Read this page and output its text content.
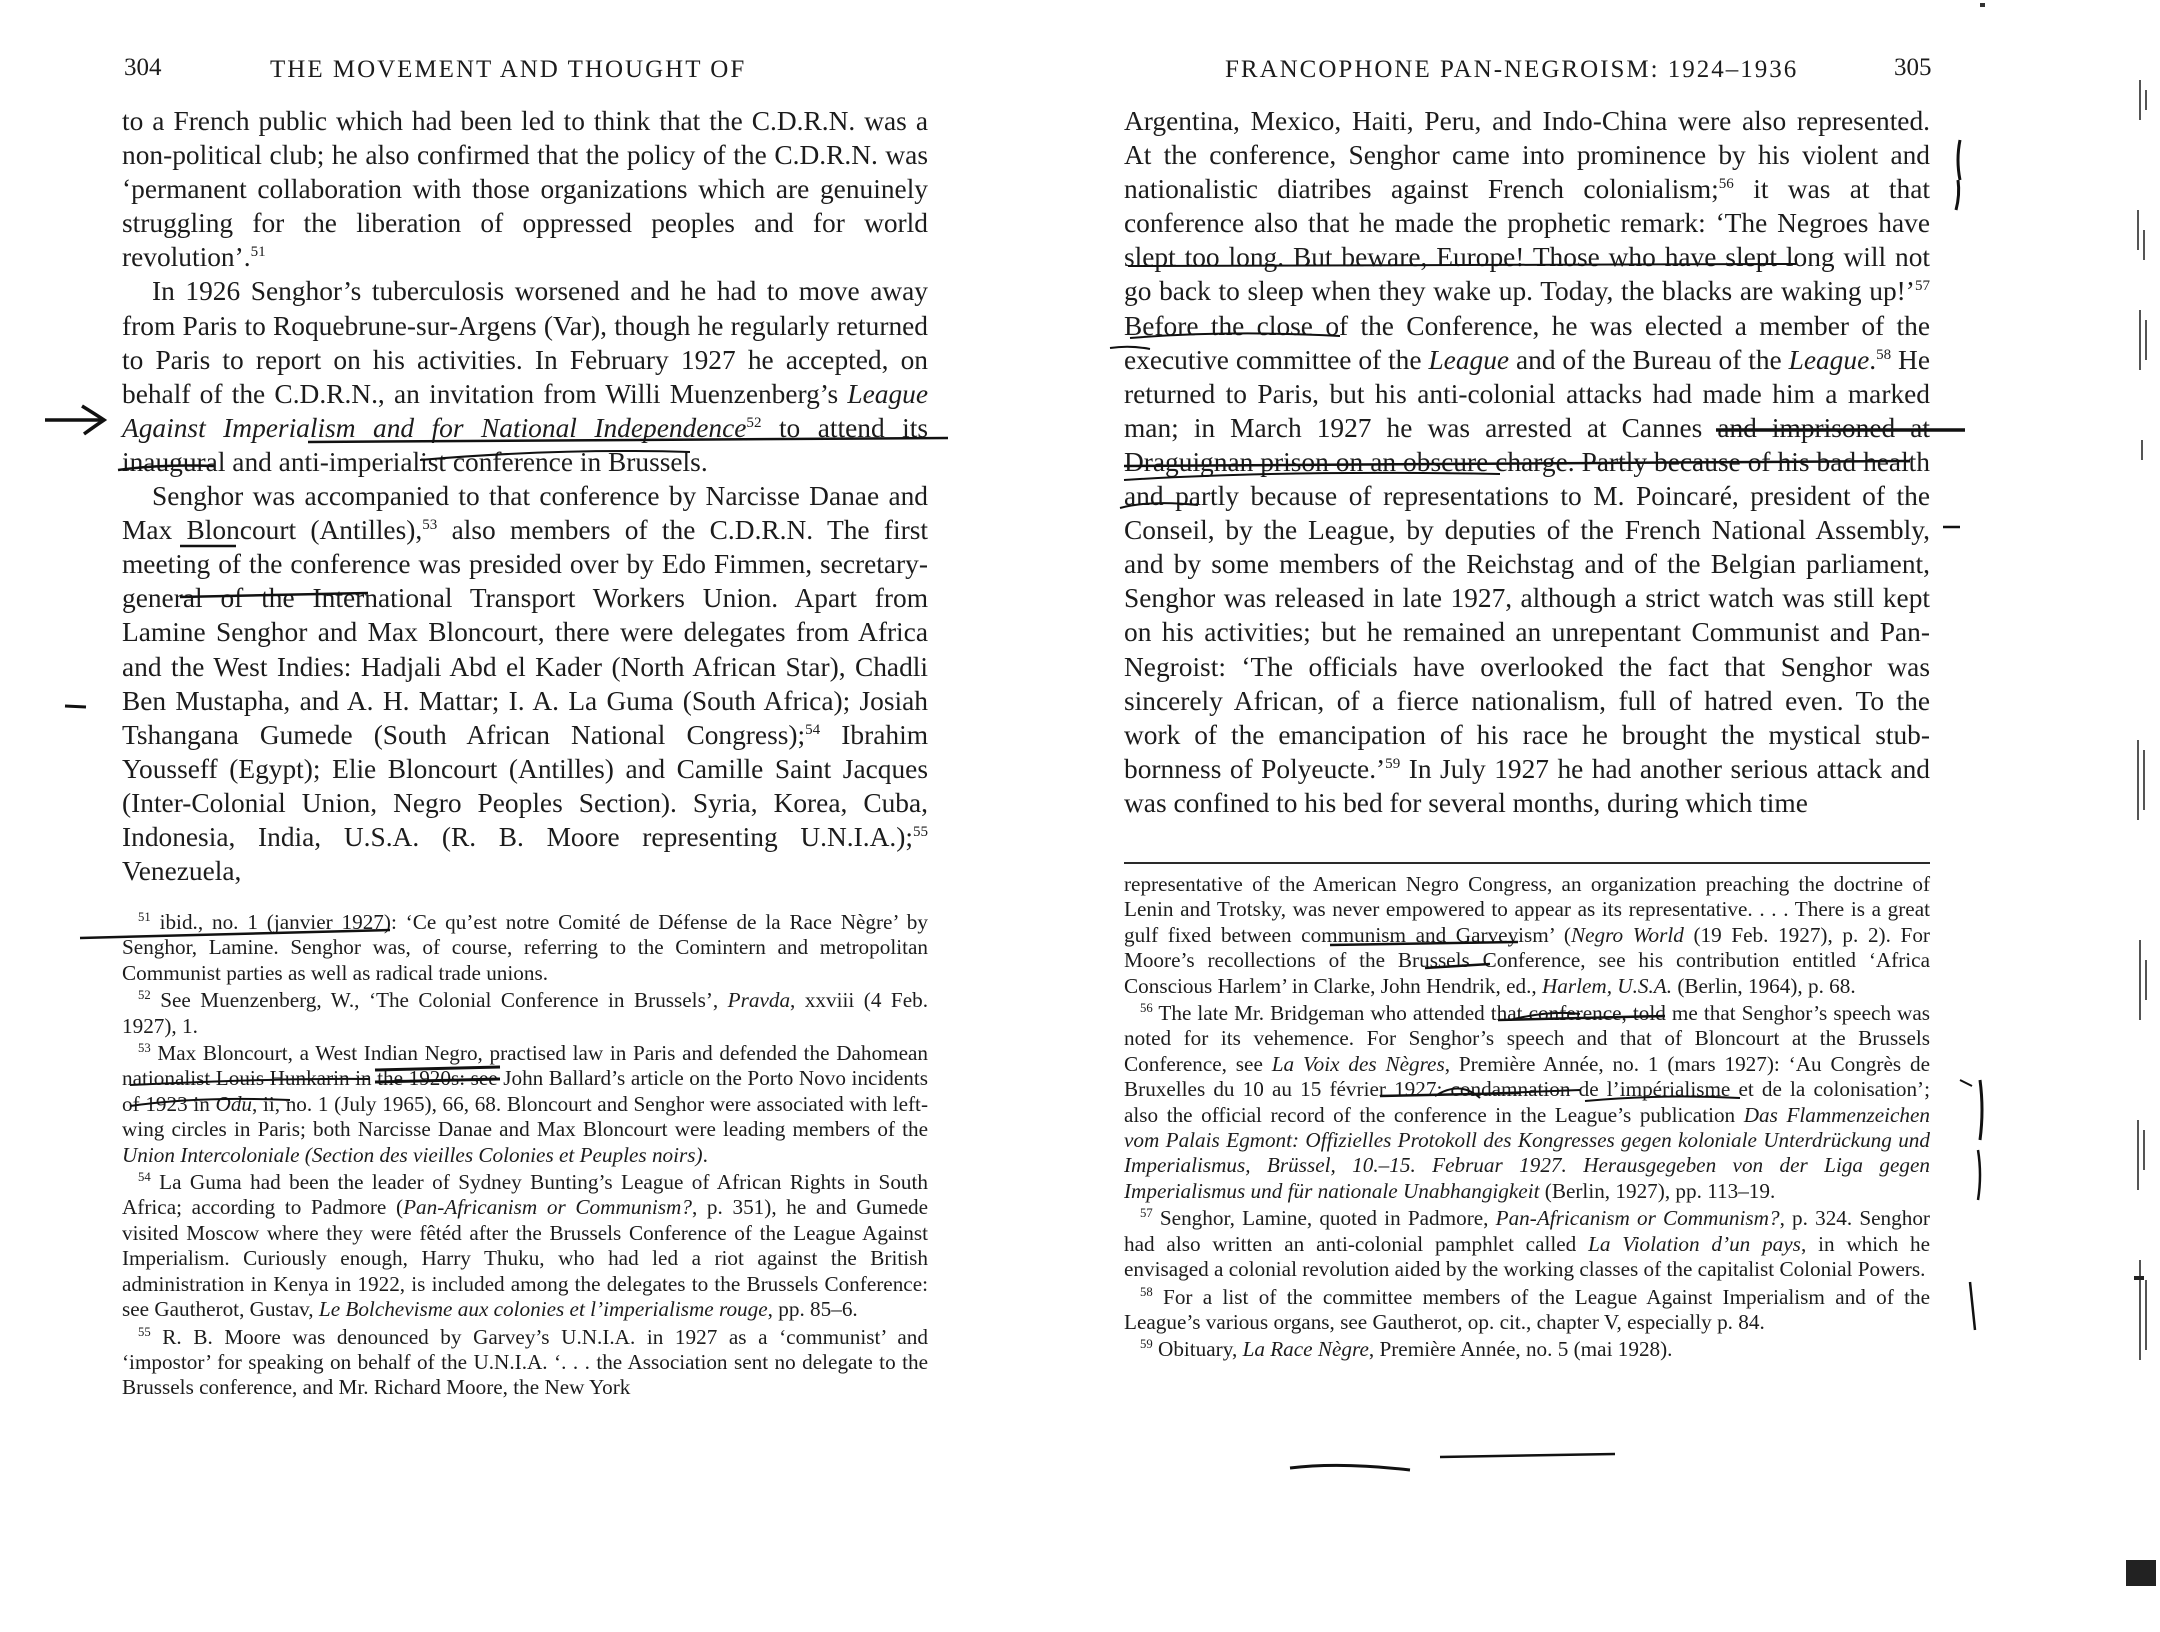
304	THE MOVEMENT AND THOUGHT OF

to a French public which had been led to think that the C.D.R.N. was a non-political club; he also confirmed that the policy of the C.D.R.N. was ‘permanent collaboration with those organizations which are genuinely struggling for the liberation of oppressed peoples and for world revolution’.$^{51}$

In 1926 Senghor’s tuberculosis worsened and he had to move away from Paris to Roquebrune-sur-Argens (Var), though he regularly returned to Paris to report on his activities. In February 1927 he accepted, on behalf of the C.D.R.N., an invitation from Willi Muenzenberg’s League Against Imperialism and for National Independence$^{52}$ to attend its inaugural and anti-imperialist conference in Brussels.

Senghor was accompanied to that conference by Narcisse Danae and Max Bloncourt (Antilles),$^{53}$ also members of the C.D.R.N. The first meeting of the conference was presided over by Edo Fimmen, secretary-general of the International Transport Workers Union. Apart from Lamine Senghor and Max Bloncourt, there were delegates from Africa and the West Indies: Hadjali Abd el Kader (North African Star), Chadli Ben Mustapha, and A. H. Mattar; I. A. La Guma (South Africa); Josiah Tshangana Gumede (South African National Congress);$^{54}$ Ibrahim Yousseff (Egypt); Elie Bloncourt (Antilles) and Camille Saint Jacques (Inter-Colonial Union, Negro Peoples Section). Syria, Korea, Cuba, Indonesia, India, U.S.A. (R. B. Moore representing U.N.I.A.);$^{55}$ Venezuela,

$^{51}$ ibid., no. 1 (janvier 1927): ‘Ce qu’est notre Comité de Défense de la Race Nègre’ by Senghor, Lamine. Senghor was, of course, referring to the Comintern and metropolitan Communist parties as well as radical trade unions.

$^{52}$ See Muenzenberg, W., ‘The Colonial Conference in Brussels’, Pravda, xxviii (4 Feb. 1927), 1.

$^{53}$ Max Bloncourt, a West Indian Negro, practised law in Paris and defended the Dahomean nationalist Louis Hunkarin in the 1920s: see John Ballard’s article on the Porto Novo incidents of 1923 in Odu, ii, no. 1 (July 1965), 66, 68. Bloncourt and Senghor were associated with left-wing circles in Paris; both Narcisse Danae and Max Bloncourt were leading members of the Union Intercoloniale (Section des vieilles Colonies et Peuples noirs).

$^{54}$ La Guma had been the leader of Sydney Bunting’s League of African Rights in South Africa; according to Padmore (Pan-Africanism or Communism?, p. 351), he and Gumede visited Moscow where they were fêtéd after the Brussels Conference of the League Against Imperialism. Curiously enough, Harry Thuku, who had led a riot against the British administration in Kenya in 1922, is included among the delegates to the Brussels Conference: see Gautherot, Gustav, Le Bolchevisme aux colonies et l’imperialisme rouge, pp. 85–6.

$^{55}$ R. B. Moore was denounced by Garvey’s U.N.I.A. in 1927 as a ‘communist’ and ‘impostor’ for speaking on behalf of the U.N.I.A. ‘. . . the Association sent no delegate to the Brussels conference, and Mr. Richard Moore, the New York

FRANCOPHONE PAN-NEGROISM: 1924–1936	305

Argentina, Mexico, Haiti, Peru, and Indo-China were also represented. At the conference, Senghor came into prominence by his violent and nationalistic diatribes against French colonialism;$^{56}$ it was at that conference also that he made the prophetic remark: ‘The Negroes have slept too long. But beware, Europe! Those who have slept long will not go back to sleep when they wake up. Today, the blacks are waking up!’$^{57}$ Before the close of the Conference, he was elected a member of the executive committee of the League and of the Bureau of the League.$^{58}$ He returned to Paris, but his anti-colonial attacks had made him a marked man; in March 1927 he was arrested at Cannes and imprisoned at Draguignan prison on an obscure charge. Partly because of his bad health and partly because of representations to M. Poincaré, president of the Conseil, by the League, by deputies of the French National Assembly, and by some members of the Reichstag and of the Belgian parliament, Senghor was released in late 1927, although a strict watch was still kept on his activities; but he remained an unrepentant Communist and Pan-Negroist: ‘The officials have overlooked the fact that Senghor was sincerely African, of a fierce nationalism, full of hatred even. To the work of the emancipation of his race he brought the mystical stubbornness of Polyeucte.’$^{59}$ In July 1927 he had another serious attack and was confined to his bed for several months, during which time

representative of the American Negro Congress, an organization preaching the doctrine of Lenin and Trotsky, was never empowered to appear as its representative. . . . There is a great gulf fixed between communism and Garveyism’ (Negro World (19 Feb. 1927), p. 2). For Moore’s recollections of the Brussels Conference, see his contribution entitled ‘Africa Conscious Harlem’ in Clarke, John Hendrik, ed., Harlem, U.S.A. (Berlin, 1964), p. 68.

$^{56}$ The late Mr. Bridgeman who attended that conference, told me that Senghor’s speech was noted for its vehemence. For Senghor’s speech and that of Bloncourt at the Brussels Conference, see La Voix des Nègres, Première Année, no. 1 (mars 1927): ‘Au Congrès de Bruxelles du 10 au 15 février 1927: condamnation de l’impérialisme et de la colonisation’; also the official record of the conference in the League’s publication Das Flammenzeichen vom Palais Egmont: Offizielles Protokoll des Kongresses gegen koloniale Unterdrückung und Imperialismus, Brüssel, 10.–15. Februar 1927. Herausgegeben von der Liga gegen Imperialismus und für nationale Unabhangigkeit (Berlin, 1927), pp. 113–19.

$^{57}$ Senghor, Lamine, quoted in Padmore, Pan-Africanism or Communism?, p. 324. Senghor had also written an anti-colonial pamphlet called La Violation d’un pays, in which he envisaged a colonial revolution aided by the working classes of the capitalist Colonial Powers.

$^{58}$ For a list of the committee members of the League Against Imperialism and of the League’s various organs, see Gautherot, op. cit., chapter V, especially p. 84.

$^{59}$ Obituary, La Race Nègre, Première Année, no. 5 (mai 1928).
